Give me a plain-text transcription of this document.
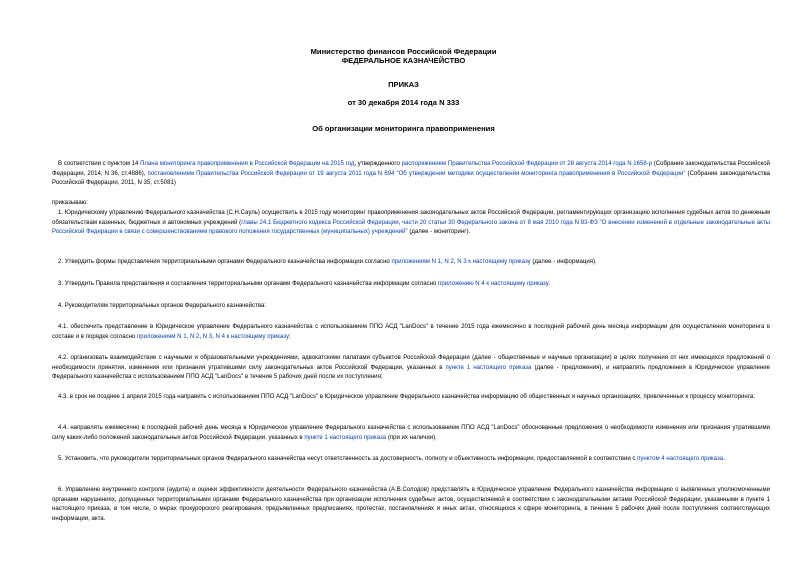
Министерство финансов Российской Федерации
ФЕДЕРАЛЬНОЕ КАЗНАЧЕЙСТВО
ПРИКАЗ
от 30 декабря 2014 года N 333
Об организации мониторинга правоприменения
В соответствии с пунктом 14 Плана мониторинга правоприменения в Российской Федерации на 2015 год, утвержденного распоряжением Правительства Российской Федерации от 28 августа 2014 года N 1658-р (Собрание законодательства Российской Федерации, 2014, N 36, ст.4886), постановлением Правительства Российской Федерации от 19 августа 2011 года N 694 "Об утверждении методики осуществления мониторинга правоприменения в Российской Федерации" (Собрание законодательства Российской Федерации, 2011, N 35, ст.5081)
приказываю:
1. Юридическому управлению Федерального казначейства (С.Н.Сауль) осуществить в 2015 году мониторинг правоприменения законодательных актов Российской Федерации, регламентирующих организацию исполнения судебных актов по денежным обязательствам казенных, бюджетных и автономных учреждений (главы 24.1 Бюджетного кодекса Российской Федерации, части 20 статьи 30 Федерального закона от 8 мая 2010 года N 83-ФЗ "О внесении изменений в отдельные законодательные акты Российской Федерации в связи с совершенствованием правового положения государственных (муниципальных) учреждений" (далее - мониторинг).
2. Утвердить формы представления территориальными органами Федерального казначейства информации согласно приложениям N 1, N 2, N 3 к настоящему приказу (далее - информация).
3. Утвердить Правила представления и составления территориальными органами Федерального казначейства информации согласно приложению N 4 к настоящему приказу.
4. Руководителям территориальных органов Федерального казначейства:
4.1. обеспечить представление в Юридическое управление Федерального казначейства с использованием ППО АСД "LanDocs" в течение 2015 года ежемесячно в последний рабочий день месяца информации для осуществления мониторинга в составе и в порядке согласно приложениям N 1, N 2, N 3, N 4 к настоящему приказу;
4.2. организовать взаимодействие с научными и образовательными учреждениями, адвокатскими палатами субъектов Российской Федерации (далее - общественные и научные организации) в целях получения от них имеющихся предложений о необходимости принятия, изменения или признания утратившими силу законодательных актов Российской Федерации, указанных в пункте 1 настоящего приказа (далее - предложения), и направлять предложения в Юридическое управление Федерального казначейства с использованием ППО АСД "LanDocs" в течение 5 рабочих дней после их поступления;
4.3. в срок не позднее 1 апреля 2015 года направить с использованием ППО АСД "LanDocs" в Юридическое управление Федерального казначейства информацию об общественных и научных организациях, привлеченных к процессу мониторинга;
4.4. направлять ежемесячно в последний рабочий день месяца в Юридическое управление Федерального казначейства с использованием ППО АСД "LanDocs" обоснованные предложения о необходимости изменения или признания утратившими силу каких-либо положений законодательных актов Российской Федерации, указанных в пункте 1 настоящего приказа (при их наличии).
5. Установить, что руководители территориальных органов Федерального казначейства несут ответственность за достоверность, полноту и объективность информации, предоставляемой в соответствии с пунктом 4 настоящего приказа.
6. Управлению внутреннего контроля (аудита) и оценки эффективности деятельности Федерального казначейства (А.В.Солодов) представлять в Юридическое управление Федерального казначейства информацию о выявленных уполномоченными органами нарушениях, допущенных территориальными органами Федерального казначейства при организации исполнения судебных актов, осуществляемой в соответствии с законодательными актами Российской Федерации, указанными в пункте 1 настоящего приказа, в том числе, о мерах прокурорского реагирования, предъявленных предписаниях, протестах, постановлениях и иных актах, относящихся к сфере мониторинга, в течение 5 рабочих дней после поступления соответствующих информации, акта.
